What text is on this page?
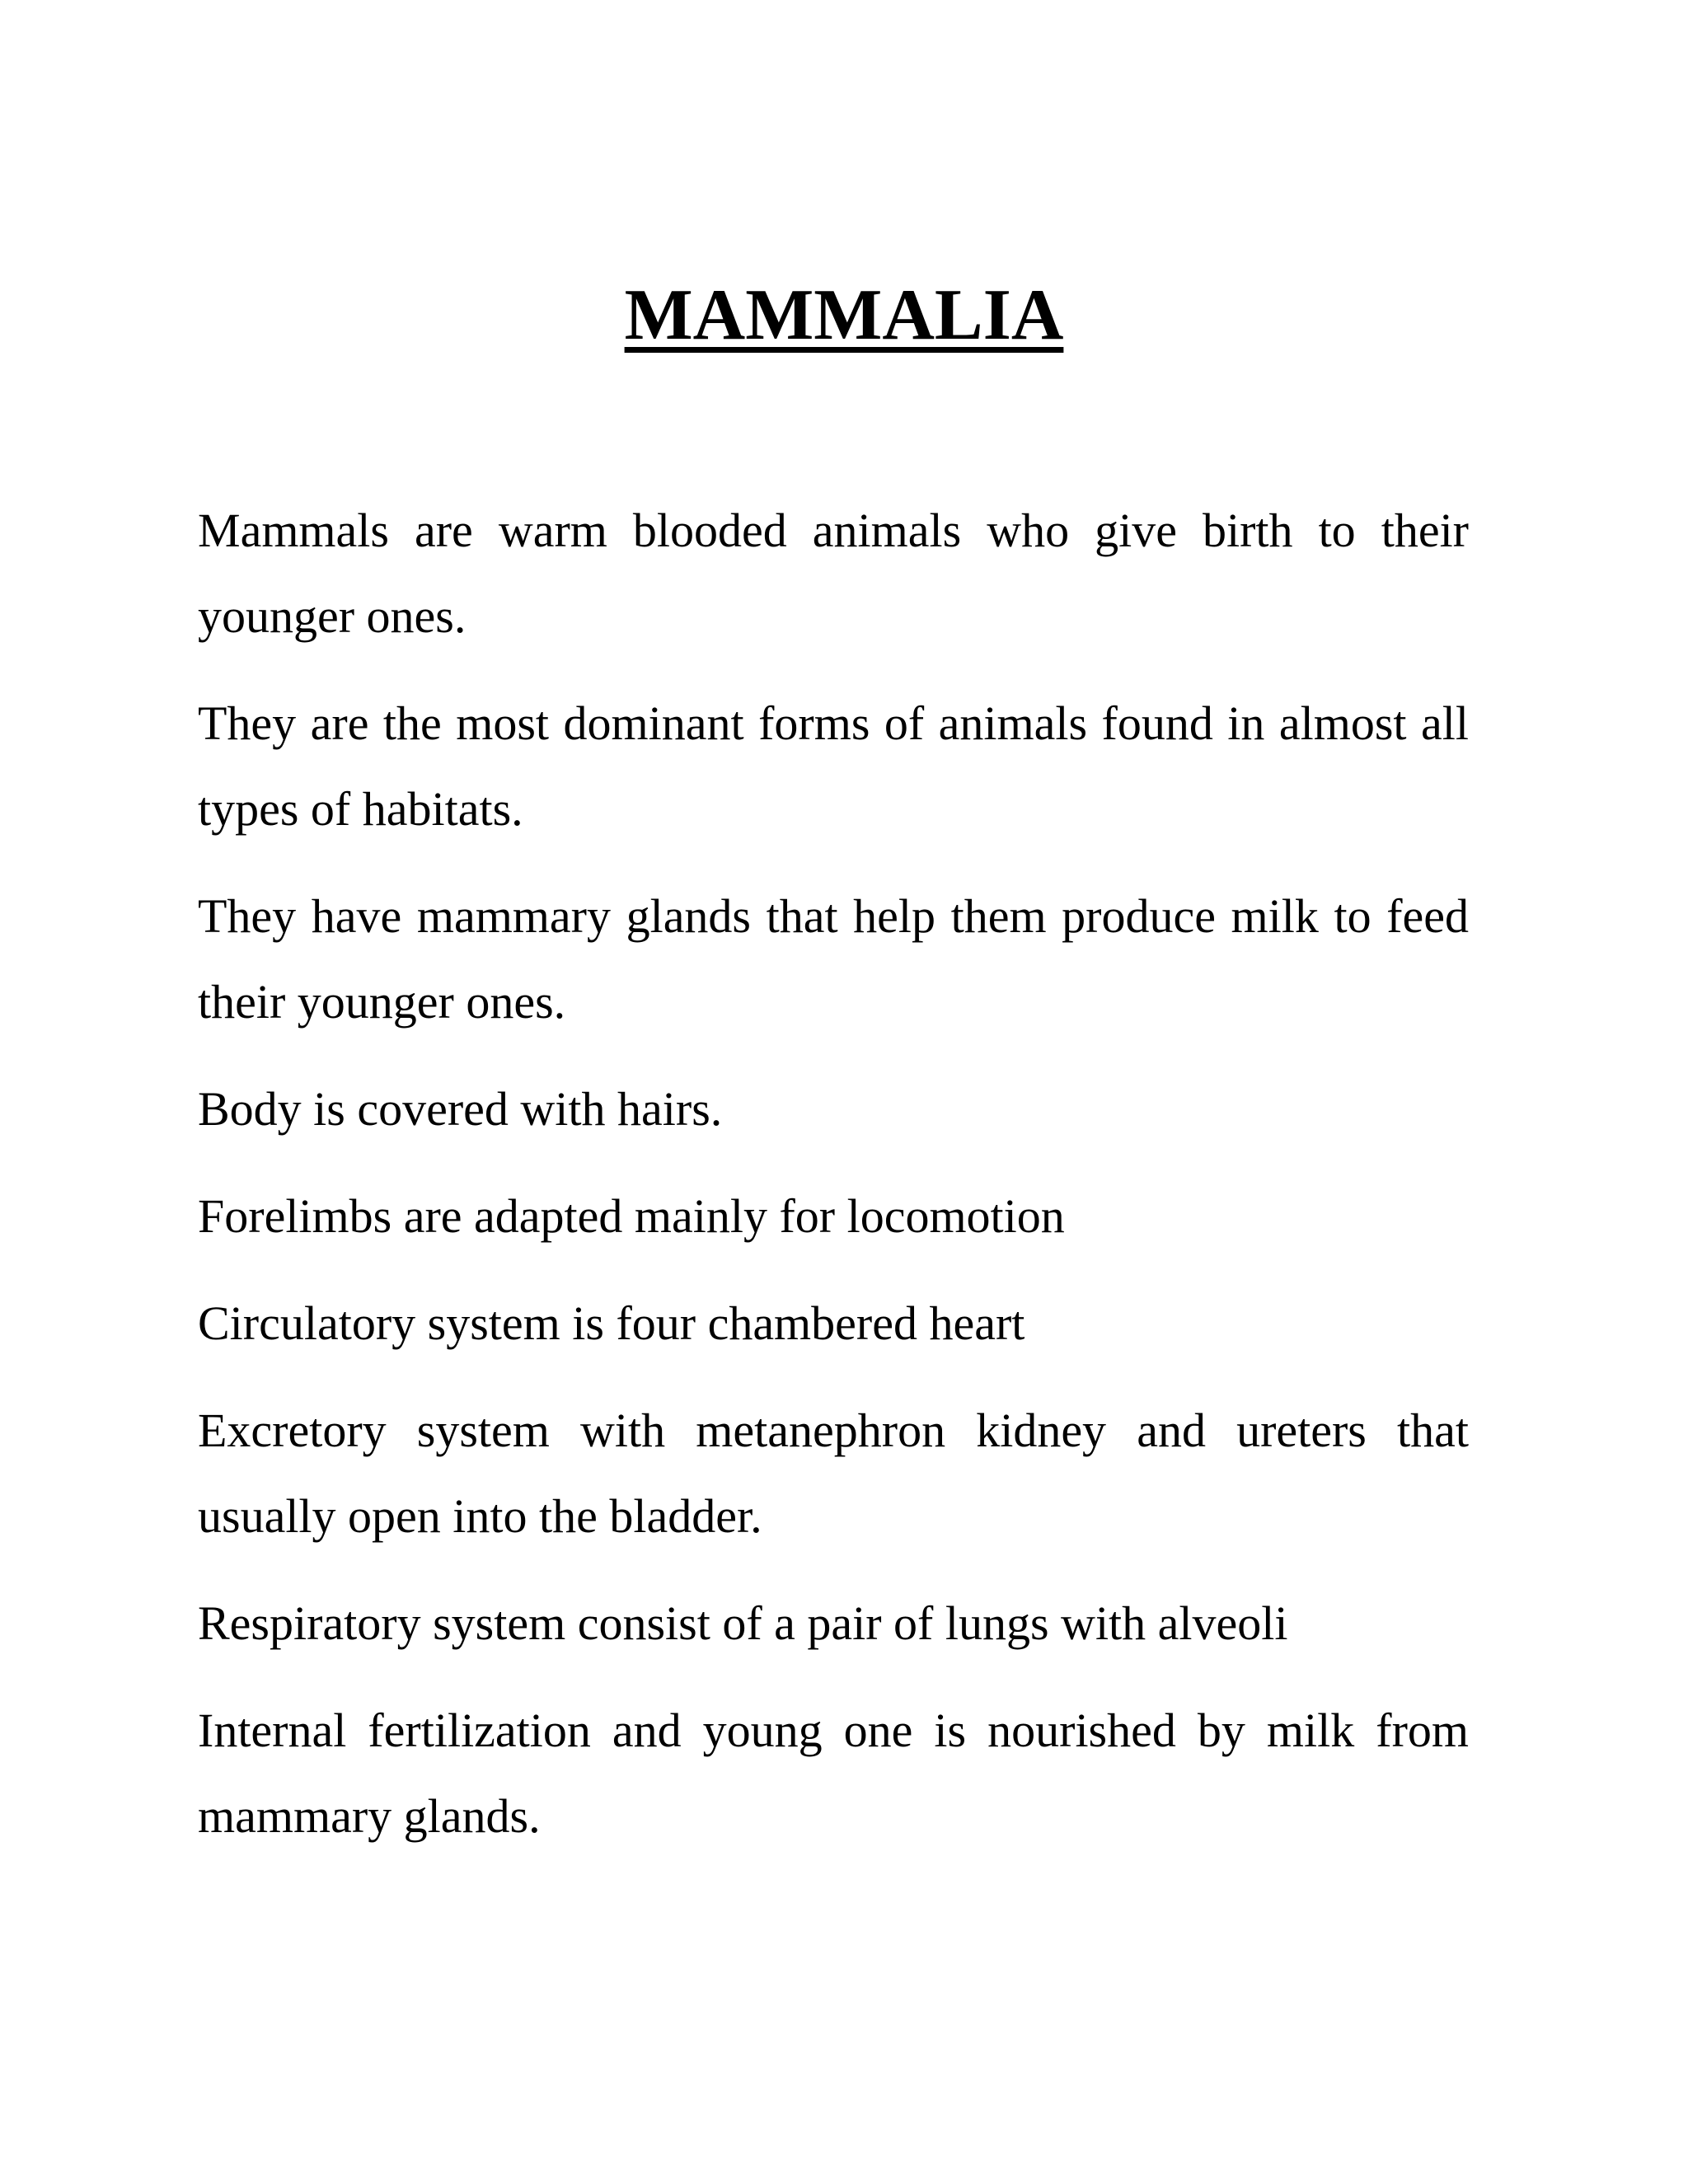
MAMMALIA

Mammals are warm blooded animals who give birth to their younger ones.

They are the most dominant forms of animals found in almost all types of habitats.

They have mammary glands that help them produce milk to feed their younger ones.

Body is covered with hairs.

Forelimbs are adapted mainly for locomotion

Circulatory system is four chambered heart

Excretory system with metanephron kidney and ureters that usually open into the bladder.

Respiratory system consist of a pair of lungs with alveoli

Internal fertilization and young one is nourished by milk from mammary glands.
